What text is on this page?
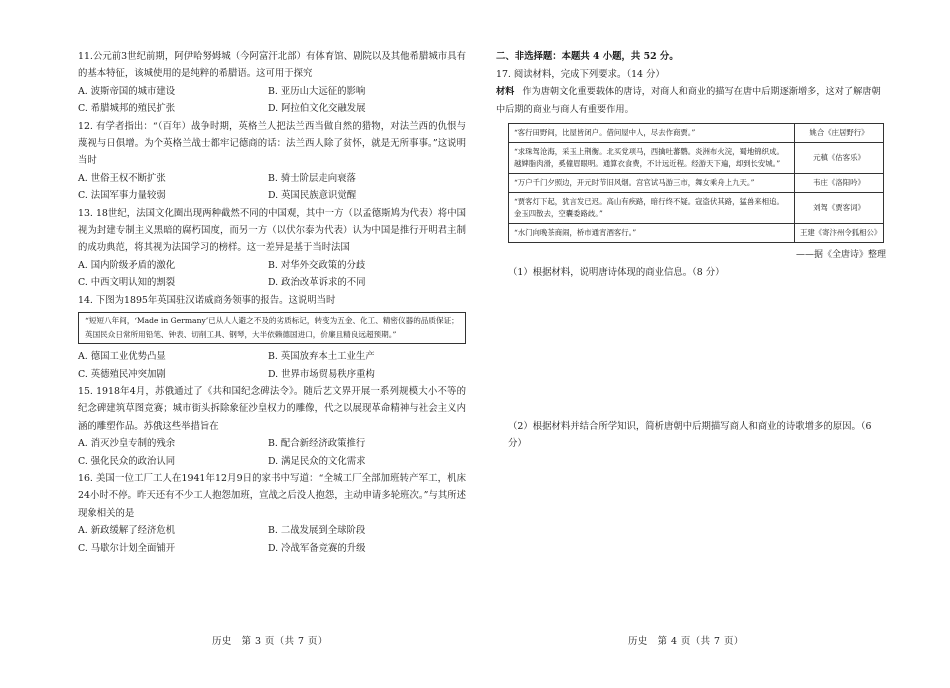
11.公元前3世纪前期，阿伊哈努姆城（今阿富汗北部）有体育馆、剧院以及其他希腊城市具有的基本特征，该城使用的是纯粹的希腊语。这可用于探究

A. 波斯帝国的城市建设	B. 亚历山大远征的影响
C. 希腊城邦的殖民扩张	D. 阿拉伯文化交融发展

12. 有学者指出：“（百年）战争时期，英格兰人把法兰西当做自然的猎物，对法兰西的仇恨与蔑视与日俱增。为个英格兰战士都牢记德商的话：法兰西人除了贫怀，就是无所事事。”这说明当时

A. 世俗王权不断扩张	B. 骑士阶层走向衰落
C. 法国军事力量较弱	D. 英国民族意识觉醒

13. 18世纪，法国文化圈出现两种截然不同的中国观，其中一方（以孟德斯鸠为代表）将中国视为封建专制主义黑暗的腐朽国度，而另一方（以伏尔泰为代表）认为中国是推行开明君主制的成功典范，将其视为法国学习的榜样。这一差异是基于当时法国

A. 国内阶级矛盾的激化	B. 对华外交政策的分歧
C. 中西文明认知的割裂	D. 政治改革诉求的不同

14. 下图为1895年英国驻汉诺威商务领事的报告。这说明当时

“短短八年间，‘Made in Germany’已从人人避之不及的劣质标记，转变为五金、化工、精密仪器的品质保证；英国民众日常所用铅笔、钟表、切削工具、钢琴，大半依赖德国进口，价廉且精良远超预期。”
A. 德国工业优势凸显	B. 英国放弃本土工业生产
C. 英德殖民冲突加剧	D. 世界市场贸易秩序重构

15. 1918年4月，苏俄通过了《共和国纪念碑法令》。随后艺文界开展一系列规模大小不等的纪念碑建筑草图竞赛；城市街头拆除象征沙皇权力的雕像，代之以展现革命精神与社会主义内涵的雕塑作品。苏俄这些举措旨在

A. 消灭沙皇专制的残余	B. 配合新经济政策推行
C. 强化民众的政治认同	D. 满足民众的文化需求

16. 美国一位工厂工人在1941年12月9日的家书中写道：“全城工厂全部加班转产军工，机床24小时不停。昨天还有不少工人抱怨加班，宣战之后没人抱怨，主动申请多轮班次。”与其所述现象相关的是

A. 新政缓解了经济危机	B. 二战发展到全球阶段
C. 马歇尔计划全面铺开	D. 冷战军备竞赛的升级
历史　第 3 页（共 7 页）

二、非选择题：本题共 4 小题，共 52 分。

17. 阅读材料，完成下列要求。（14 分）

材料 作为唐朝文化重要载体的唐诗，对商人和商业的描写在唐中后期逐渐增多，这对了解唐朝中后期的商业与商人有重要作用。

“客行田野间，比屋皆闭户。借问屋中人，尽去作商贾。”	姚合《庄居野行》
“求珠驾沧海，采玉上荆衡。北买党项马，西擒吐蕃鹦。炎洲布火浣，蜀地锦织成。越婢脂肉滑，奚僮眉眼明。通算衣食费，不计远近程。经游天下遍，却到长安城。”	元稹《估客乐》
“万户千门夕照边，开元时节旧风烟。宫官试马游三市，舞女乘舟上九天。”	韦庄《洛阳吟》
“贾客灯下起，犹言发已迟。高山有疾路，暗行终不疑。寇盗伏其路，猛兽来相追。金玉四散去，空囊委路歧。”	刘驾《贾客词》
“水门向晚茶商闹，桥市通宵酒客行。”	王建《寄汴州令狐相公》

——据《全唐诗》整理

（1）根据材料，说明唐诗体现的商业信息。（8 分）

（2）根据材料并结合所学知识，简析唐朝中后期描写商人和商业的诗歌增多的原因。（6 分）

历史　第 4 页（共 7 页）
